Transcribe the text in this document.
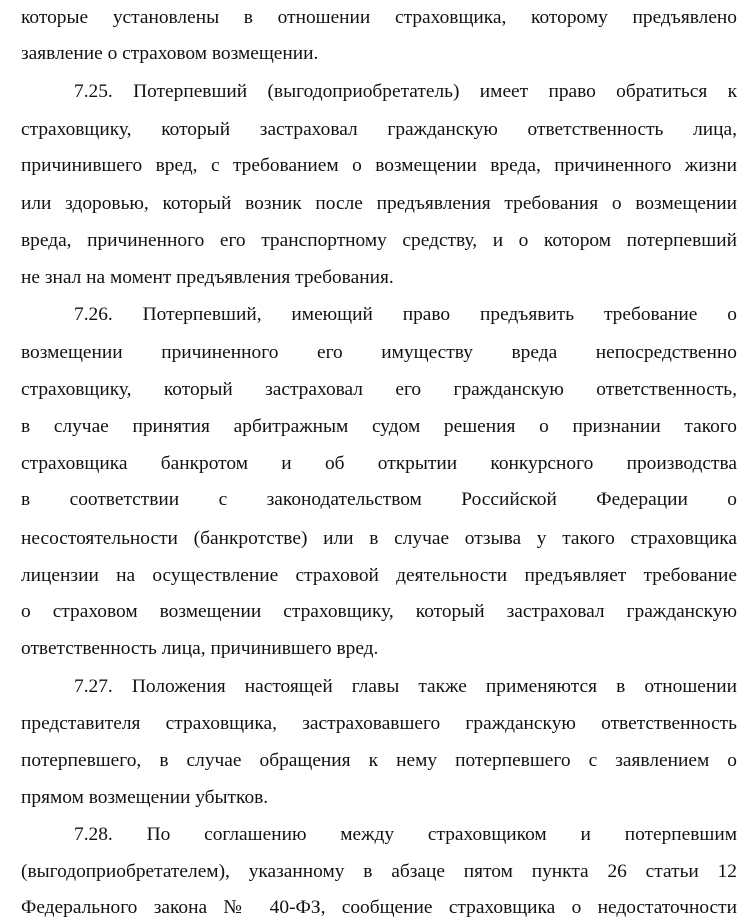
которые установлены в отношении страховщика, которому предъявлено
заявление о страховом возмещении.
7.25. Потерпевший (выгодоприобретатель) имеет право обратиться к
страховщику, который застраховал гражданскую ответственность лица,
причинившего вред, с требованием о возмещении вреда, причиненного жизни
или здоровью, который возник после предъявления требования о возмещении
вреда, причиненного его транспортному средству, и о котором потерпевший
не знал на момент предъявления требования.
7.26. Потерпевший, имеющий право предъявить требование о
возмещении причиненного его имуществу вреда непосредственно
страховщику, который застраховал его гражданскую ответственность,
в случае принятия арбитражным судом решения о признании такого
страховщика банкротом и об открытии конкурсного производства
в соответствии с законодательством Российской Федерации о
несостоятельности (банкротстве) или в случае отзыва у такого страховщика
лицензии на осуществление страховой деятельности предъявляет требование
о страховом возмещении страховщику, который застраховал гражданскую
ответственность лица, причинившего вред.
7.27. Положения настоящей главы также применяются в отношении
представителя страховщика, застраховавшего гражданскую ответственность
потерпевшего, в случае обращения к нему потерпевшего с заявлением о
прямом возмещении убытков.
7.28. По соглашению между страховщиком и потерпевшим
(выгодоприобретателем), указанному в абзаце пятом пункта 26 статьи 12
Федерального закона № 40-ФЗ, сообщение страховщика о недостаточности
